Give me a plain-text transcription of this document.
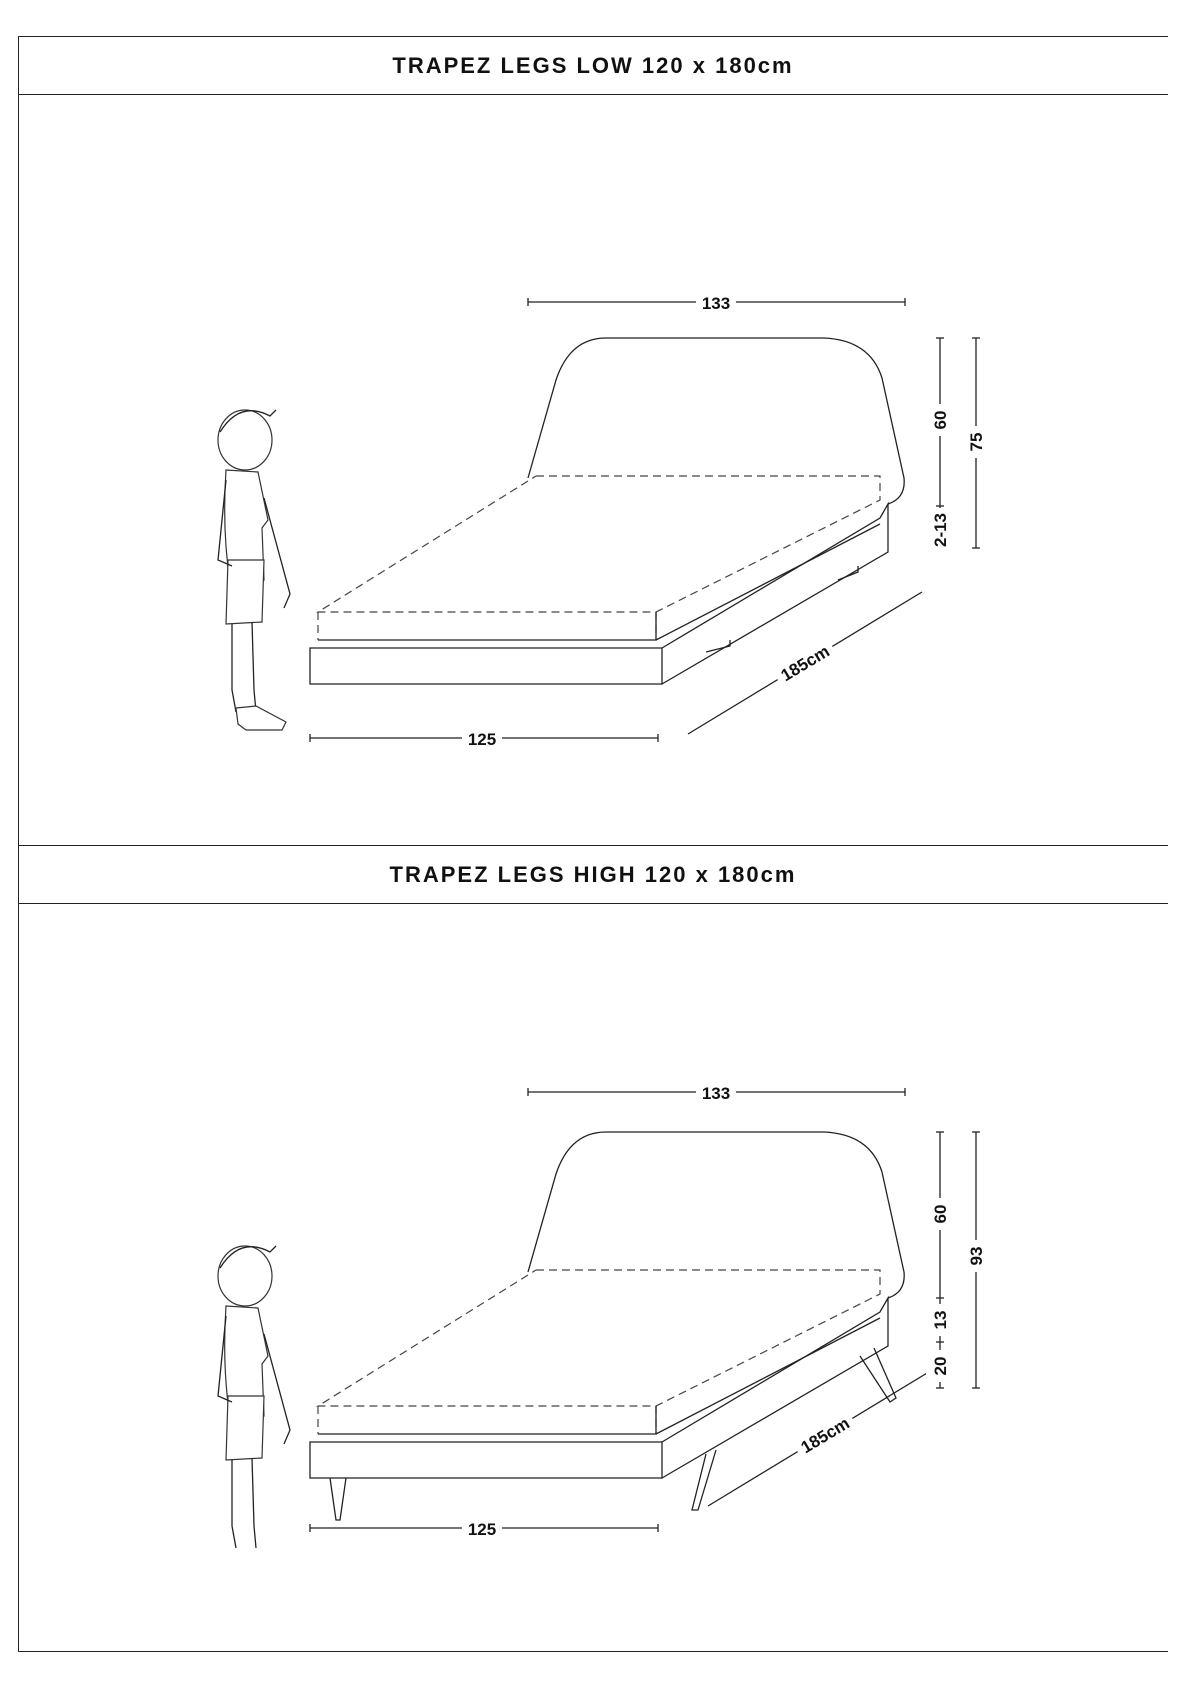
TRAPEZ LEGS LOW 120 x 180cm
133
125
185cm
60
2-13
75
TRAPEZ LEGS HIGH 120 x 180cm
133
125
185cm
60
13
20
93
